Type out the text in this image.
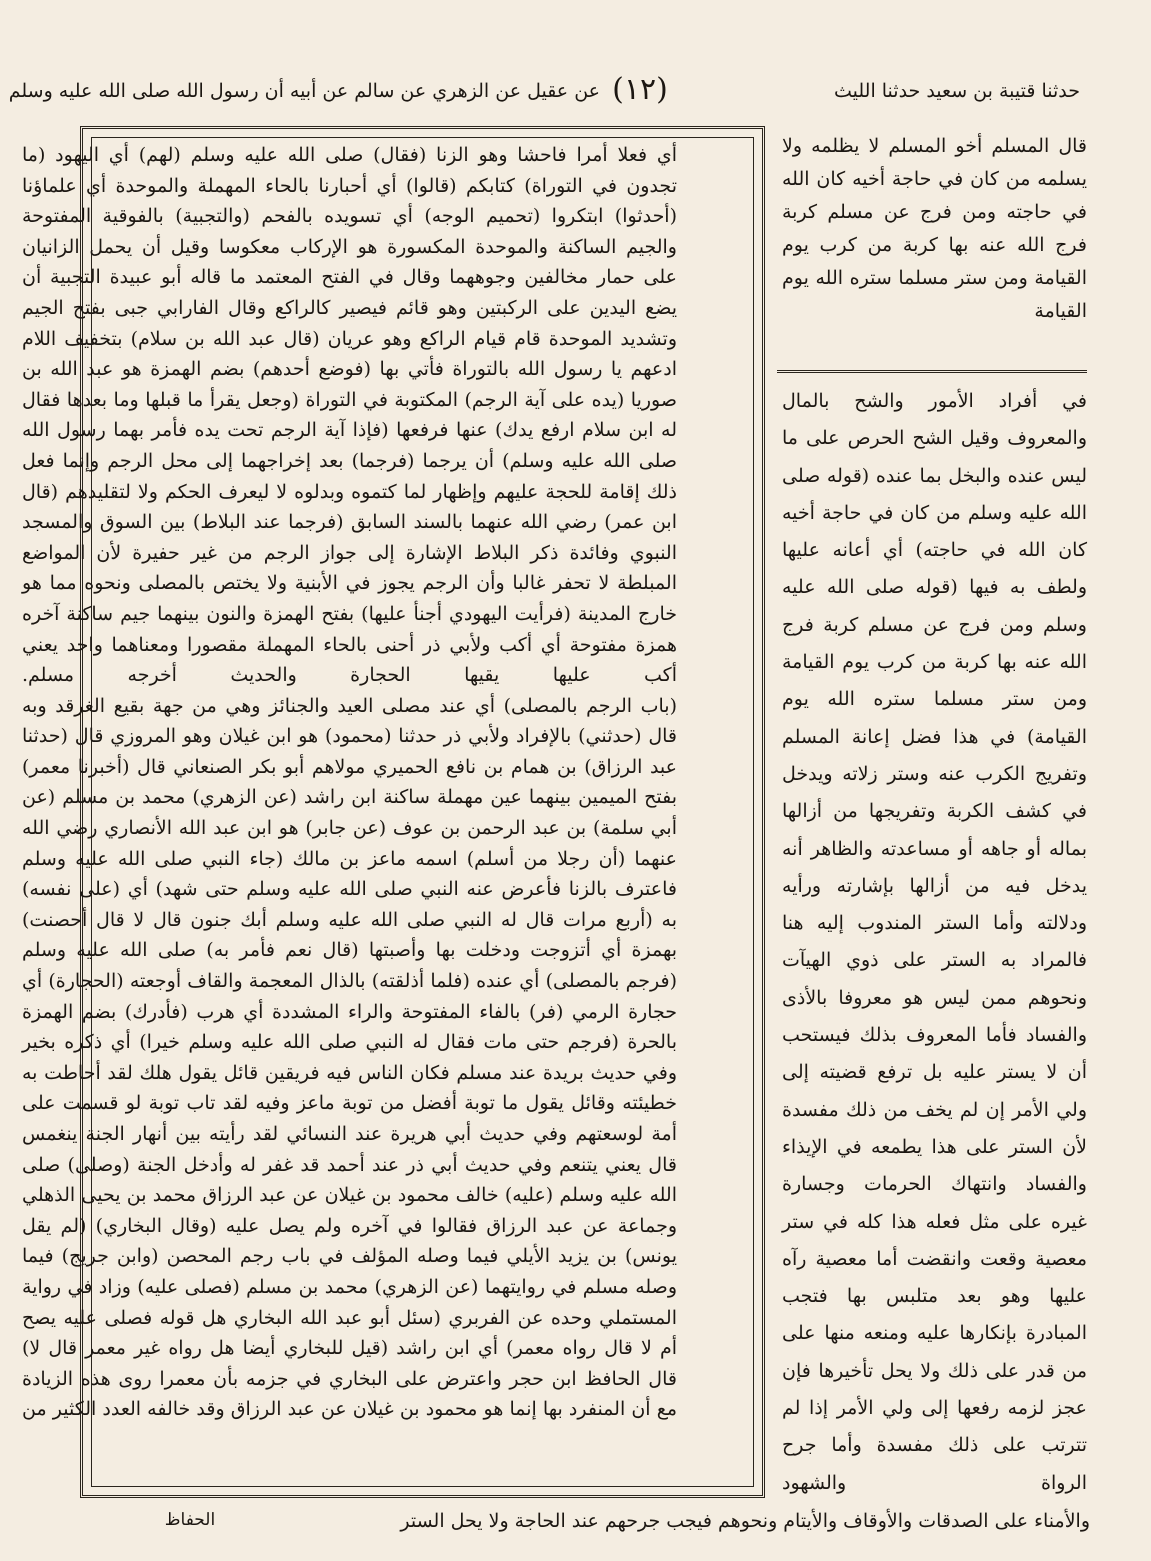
حدثنا قتيبة بن سعيد حدثنا الليث
(١٢)
عن عقيل عن الزهري عن سالم عن أبيه أن رسول الله صلى الله عليه وسلم

أي فعلا أمرا فاحشا وهو الزنا (فقال) صلى الله عليه وسلم (لهم) أي اليهود (ما تجدون في التوراة) كتابكم (قالوا) أي أحبارنا بالحاء المهملة والموحدة أي علماؤنا (أحدثوا) ابتكروا (تحميم الوجه) أي تسويده بالفحم (والتجبية) بالفوقية المفتوحة والجيم الساكنة والموحدة المكسورة هو الإركاب معكوسا وقيل أن يحمل الزانيان على حمار مخالفين وجوههما وقال في الفتح المعتمد ما قاله أبو عبيدة التجبية أن يضع اليدين على الركبتين وهو قائم فيصير كالراكع وقال الفارابي جبى بفتح الجيم وتشديد الموحدة قام قيام الراكع وهو عريان (قال عبد الله بن سلام) بتخفيف اللام ادعهم يا رسول الله بالتوراة فأتي بها (فوضع أحدهم) بضم الهمزة هو عبد الله بن صوريا (يده على آية الرجم) المكتوبة في التوراة (وجعل يقرأ ما قبلها وما بعدها فقال له ابن سلام ارفع يدك) عنها فرفعها (فإذا آية الرجم تحت يده فأمر بهما رسول الله صلى الله عليه وسلم) أن يرجما (فرجما) بعد إخراجهما إلى محل الرجم وإنما فعل ذلك إقامة للحجة عليهم وإظهار لما كتموه وبدلوه لا ليعرف الحكم ولا لتقليدهم (قال ابن عمر) رضي الله عنهما بالسند السابق (فرجما عند البلاط) بين السوق والمسجد النبوي وفائدة ذكر البلاط الإشارة إلى جواز الرجم من غير حفيرة لأن المواضع المبلطة لا تحفر غالبا وأن الرجم يجوز في الأبنية ولا يختص بالمصلى ونحوه مما هو خارج المدينة (فرأيت اليهودي أجنأ عليها) بفتح الهمزة والنون بينهما جيم ساكنة آخره همزة مفتوحة أي أكب ولأبي ذر أحنى بالحاء المهملة مقصورا ومعناهما واحد يعني أكب عليها يقيها الحجارة والحديث أخرجه مسلم.

(باب الرجم بالمصلى) أي عند مصلى العيد والجنائز وهي من جهة بقيع الغرقد وبه قال (حدثني) بالإفراد ولأبي ذر حدثنا (محمود) هو ابن غيلان وهو المروزي قال (حدثنا عبد الرزاق) بن همام بن نافع الحميري مولاهم أبو بكر الصنعاني قال (أخبرنا معمر) بفتح الميمين بينهما عين مهملة ساكنة ابن راشد (عن الزهري) محمد بن مسلم (عن أبي سلمة) بن عبد الرحمن بن عوف (عن جابر) هو ابن عبد الله الأنصاري رضي الله عنهما (أن رجلا من أسلم) اسمه ماعز بن مالك (جاء النبي صلى الله عليه وسلم فاعترف بالزنا فأعرض عنه النبي صلى الله عليه وسلم حتى شهد) أي (على نفسه) به (أربع مرات قال له النبي صلى الله عليه وسلم أبك جنون قال لا قال أحصنت) بهمزة أي أتزوجت ودخلت بها وأصبتها (قال نعم فأمر به) صلى الله عليه وسلم (فرجم بالمصلى) أي عنده (فلما أذلقته) بالذال المعجمة والقاف أوجعته (الحجارة) أي حجارة الرمي (فر) بالفاء المفتوحة والراء المشددة أي هرب (فأدرك) بضم الهمزة بالحرة (فرجم حتى مات فقال له النبي صلى الله عليه وسلم خيرا) أي ذكره بخير وفي حديث بريدة عند مسلم فكان الناس فيه فريقين قائل يقول هلك لقد أحاطت به خطيئته وقائل يقول ما توبة أفضل من توبة ماعز وفيه لقد تاب توبة لو قسمت على أمة لوسعتهم وفي حديث أبي هريرة عند النسائي لقد رأيته بين أنهار الجنة ينغمس قال يعني يتنعم وفي حديث أبي ذر عند أحمد قد غفر له وأدخل الجنة (وصلى) صلى الله عليه وسلم (عليه) خالف محمود بن غيلان عن عبد الرزاق محمد بن يحيى الذهلي وجماعة عن عبد الرزاق فقالوا في آخره ولم يصل عليه (وقال البخاري) (لم يقل يونس) بن يزيد الأيلي فيما وصله المؤلف في باب رجم المحصن (وابن جريج) فيما وصله مسلم في روايتهما (عن الزهري) محمد بن مسلم (فصلى عليه) وزاد في رواية المستملي وحده عن الفربري (سئل أبو عبد الله البخاري هل قوله فصلى عليه يصح أم لا قال رواه معمر) أي ابن راشد (قيل للبخاري أيضا هل رواه غير معمر قال لا) قال الحافظ ابن حجر واعترض على البخاري في جزمه بأن معمرا روى هذه الزيادة مع أن المنفرد بها إنما هو محمود بن غيلان عن عبد الرزاق وقد خالفه العدد الكثير من

قال المسلم أخو المسلم لا يظلمه ولا يسلمه من كان في حاجة أخيه كان الله في حاجته ومن فرج عن مسلم كربة فرج الله عنه بها كربة من كرب يوم القيامة ومن ستر مسلما ستره الله يوم القيامة
في أفراد الأمور والشح بالمال والمعروف وقيل الشح الحرص على ما ليس عنده والبخل بما عنده (قوله صلى الله عليه وسلم من كان في حاجة أخيه كان الله في حاجته) أي أعانه عليها ولطف به فيها (قوله صلى الله عليه وسلم ومن فرج عن مسلم كربة فرج الله عنه بها كربة من كرب يوم القيامة ومن ستر مسلما ستره الله يوم القيامة) في هذا فضل إعانة المسلم وتفريج الكرب عنه وستر زلاته ويدخل في كشف الكربة وتفريجها من أزالها بماله أو جاهه أو مساعدته والظاهر أنه يدخل فيه من أزالها بإشارته ورأيه ودلالته وأما الستر المندوب إليه هنا فالمراد به الستر على ذوي الهيآت ونحوهم ممن ليس هو معروفا بالأذى والفساد فأما المعروف بذلك فيستحب أن لا يستر عليه بل ترفع قضيته إلى ولي الأمر إن لم يخف من ذلك مفسدة لأن الستر على هذا يطمعه في الإيذاء والفساد وانتهاك الحرمات وجسارة غيره على مثل فعله هذا كله في ستر معصية وقعت وانقضت أما معصية رآه عليها وهو بعد متلبس بها فتجب المبادرة بإنكارها عليه ومنعه منها على من قدر على ذلك ولا يحل تأخيرها فإن عجز لزمه رفعها إلى ولي الأمر إذا لم تترتب على ذلك مفسدة وأما جرح الرواة والشهود
والأمناء على الصدقات والأوقاف والأيتام ونحوهم فيجب جرحهم عند الحاجة ولا يحل الستر
الحفاظ
